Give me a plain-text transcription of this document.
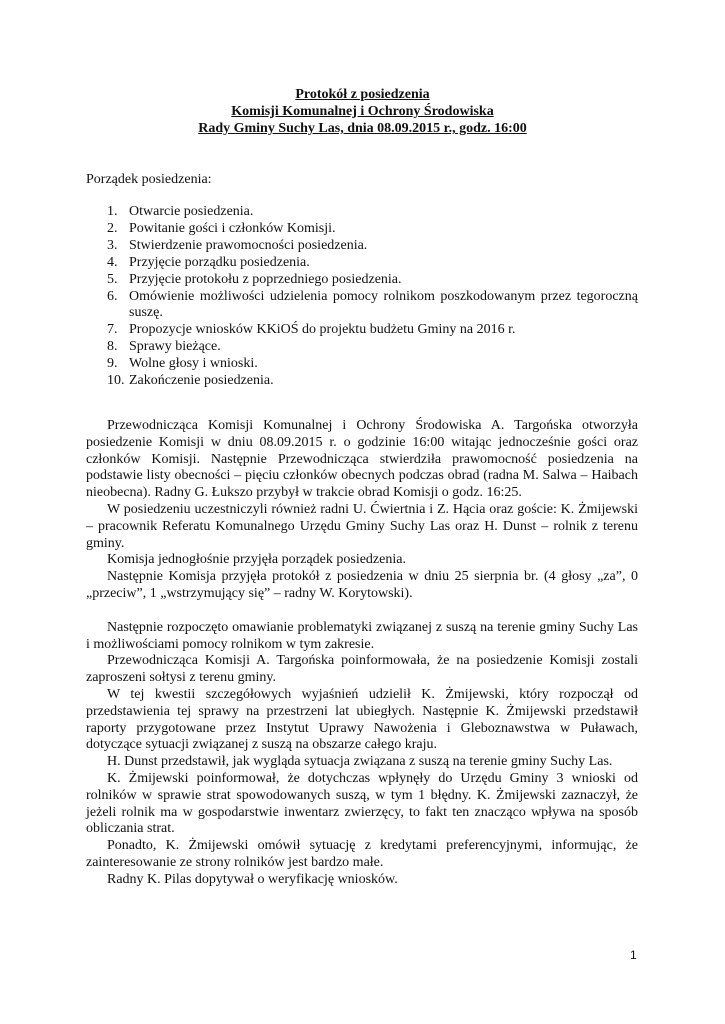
Protokół z posiedzenia
Komisji Komunalnej i Ochrony Środowiska
Rady Gminy Suchy Las, dnia 08.09.2015 r., godz. 16:00
Porządek posiedzenia:
1. Otwarcie posiedzenia.
2. Powitanie gości i członków Komisji.
3. Stwierdzenie prawomocności posiedzenia.
4. Przyjęcie porządku posiedzenia.
5. Przyjęcie protokołu z poprzedniego posiedzenia.
6. Omówienie możliwości udzielenia pomocy rolnikom poszkodowanym przez tegoroczną suszę.
7. Propozycje wniosków KKiOŚ do projektu budżetu Gminy na 2016 r.
8. Sprawy bieżące.
9. Wolne głosy i wnioski.
10. Zakończenie posiedzenia.

Przewodnicząca Komisji Komunalnej i Ochrony Środowiska A. Targońska otworzyła posiedzenie Komisji w dniu 08.09.2015 r. o godzinie 16:00 witając jednocześnie gości oraz członków Komisji. Następnie Przewodnicząca stwierdziła prawomocność posiedzenia na podstawie listy obecności – pięciu członków obecnych podczas obrad (radna M. Salwa – Haibach nieobecna). Radny G. Łukszo przybył w trakcie obrad Komisji o godz. 16:25.

W posiedzeniu uczestniczyli również radni U. Ćwiertnia i Z. Hącia oraz goście: K. Żmijewski – pracownik Referatu Komunalnego Urzędu Gminy Suchy Las oraz H. Dunst – rolnik z terenu gminy.

Komisja jednogłośnie przyjęła porządek posiedzenia.

Następnie Komisja przyjęła protokół z posiedzenia w dniu 25 sierpnia br. (4 głosy „za”, 0 „przeciw”, 1 „wstrzymujący się” – radny W. Korytowski).

Następnie rozpoczęto omawianie problematyki związanej z suszą na terenie gminy Suchy Las i możliwościami pomocy rolnikom w tym zakresie.

Przewodnicząca Komisji A. Targońska poinformowała, że na posiedzenie Komisji zostali zaproszeni sołtysi z terenu gminy.

W tej kwestii szczegółowych wyjaśnień udzielił K. Żmijewski, który rozpoczął od przedstawienia tej sprawy na przestrzeni lat ubiegłych. Następnie K. Żmijewski przedstawił raporty przygotowane przez Instytut Uprawy Nawożenia i Gleboznawstwa w Puławach, dotyczące sytuacji związanej z suszą na obszarze całego kraju.

H. Dunst przedstawił, jak wygląda sytuacja związana z suszą na terenie gminy Suchy Las.

K. Żmijewski poinformował, że dotychczas wpłynęły do Urzędu Gminy 3 wnioski od rolników w sprawie strat spowodowanych suszą, w tym 1 błędny. K. Żmijewski zaznaczył, że jeżeli rolnik ma w gospodarstwie inwentarz zwierzęcy, to fakt ten znacząco wpływa na sposób obliczania strat.

Ponadto, K. Żmijewski omówił sytuację z kredytami preferencyjnymi, informując, że zainteresowanie ze strony rolników jest bardzo małe.

Radny K. Pilas dopytywał o weryfikację wniosków.

1
